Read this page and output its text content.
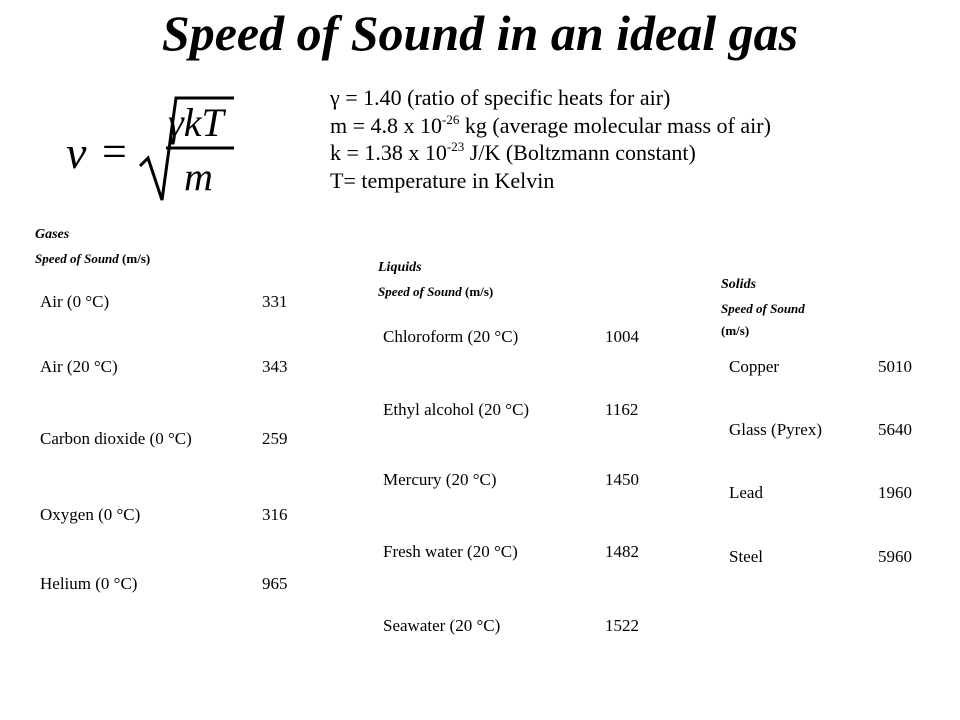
Speed of Sound in an ideal gas
v =
γkT
m
γ = 1.40 (ratio of specific heats for air)
m = 4.8 x $10^{-26}$ kg (average molecular mass of air)
k = 1.38 x $10^{-23}$ J/K (Boltzmann constant)
T= temperature in Kelvin
Gases
Speed of Sound (m/s)
Air (0 °C)	331
Air (20 °C)	343
Carbon dioxide (0 °C)	259
Oxygen (0 °C)	316
Helium (0 °C)	965
Liquids
Speed of Sound (m/s)
Chloroform (20 °C)	1004
Ethyl alcohol (20 °C)	1162
Mercury (20 °C)	1450
Fresh water (20 °C)	1482
Seawater (20 °C)	1522
Solids
Speed of Sound
(m/s)
Copper	5010
Glass (Pyrex)	5640
Lead	1960
Steel	5960
